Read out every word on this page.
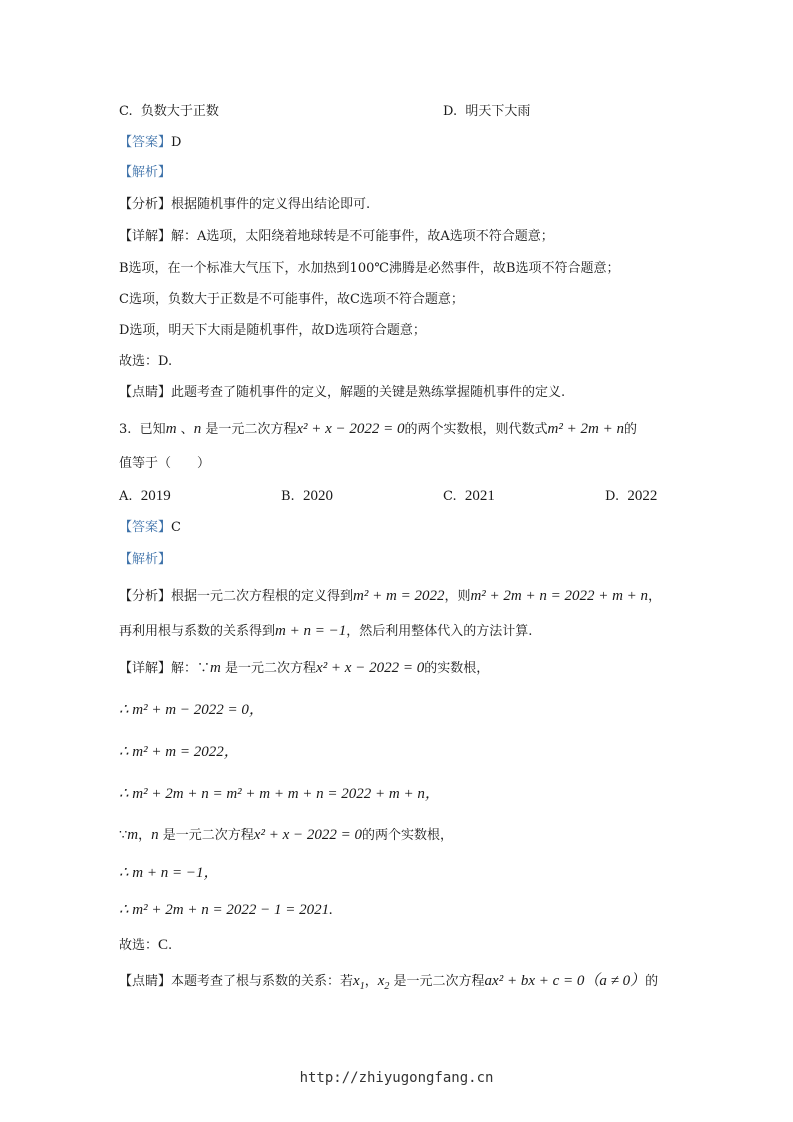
C. 负数大于正数	D. 明天下大雨
【答案】D
【解析】
【分析】根据随机事件的定义得出结论即可.
【详解】解：A选项，太阳绕着地球转是不可能事件，故A选项不符合题意；
B选项，在一个标准大气压下，水加热到100℃沸腾是必然事件，故B选项不符合题意；
C选项，负数大于正数是不可能事件，故C选项不符合题意；
D选项，明天下大雨是随机事件，故D选项符合题意；
故选：D.
【点睛】此题考查了随机事件的定义，解题的关键是熟练掌握随机事件的定义.
3. 已知m 、n 是一元二次方程x² + x − 2022 = 0的两个实数根，则代数式m² + 2m + n的
值等于（　　）
A. 2019	B. 2020	C. 2021	D. 2022
【答案】C
【解析】
【分析】根据一元二次方程根的定义得到m² + m = 2022，则m² + 2m + n = 2022 + m + n，
再利用根与系数的关系得到m + n = −1，然后利用整体代入的方法计算.
【详解】解：∵m 是一元二次方程x² + x − 2022 = 0的实数根，
∴ m² + m − 2022 = 0，
∴ m² + m = 2022，
∴ m² + 2m + n = m² + m + m + n = 2022 + m + n，
∵m，n 是一元二次方程x² + x − 2022 = 0的两个实数根，
∴ m + n = −1，
∴ m² + 2m + n = 2022 − 1 = 2021.
故选：C.
【点睛】本题考查了根与系数的关系：若$x_1$，$x_2$ 是一元二次方程ax² + bx + c = 0（a ≠ 0）的
http://zhiyugongfang.cn
